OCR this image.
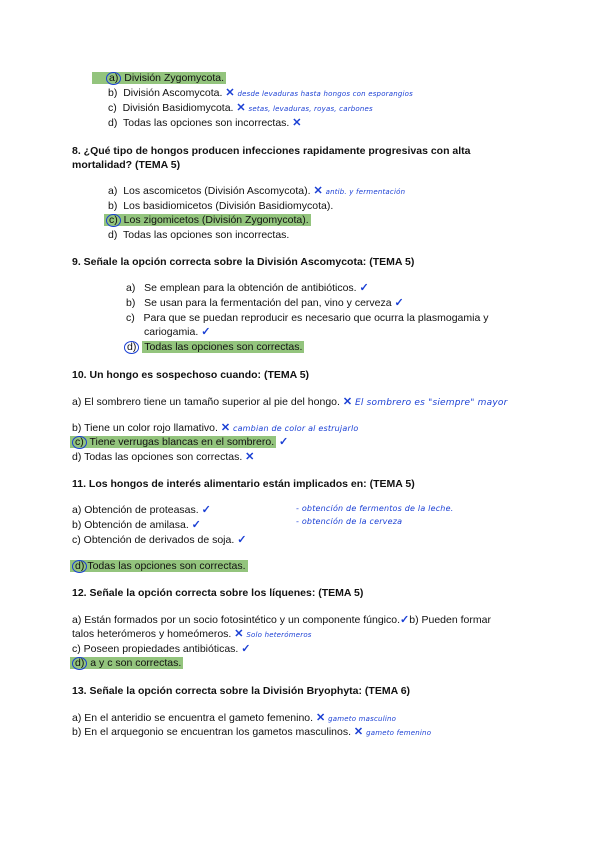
a) División Zygomycota.
b) División Ascomycota. ✕ desde levaduras hasta hongos con esporangios
c) División Basidiomycota. ✕ setas, levaduras, royas, carbones
d) Todas las opciones son incorrectas. ✕
8. ¿Qué tipo de hongos producen infecciones rapidamente progresivas con alta
mortalidad? (TEMA 5)
a) Los ascomicetos (División Ascomycota). ✕ antib. y fermentación
b) Los basidiomicetos (División Basidiomycota).
c) Los zigomicetos (División Zygomycota).
d) Todas las opciones son incorrectas.
9. Señale la opción correcta sobre la División Ascomycota: (TEMA 5)
a) Se emplean para la obtención de antibióticos. ✓
b) Se usan para la fermentación del pan, vino y cerveza ✓
c) Para que se puedan reproducir es necesario que ocurra la plasmogamia y
cariogamia. ✓
d) Todas las opciones son correctas.
10. Un hongo es sospechoso cuando: (TEMA 5)
a) El sombrero tiene un tamaño superior al pie del hongo. ✕ El sombrero es "siempre" mayor
b) Tiene un color rojo llamativo. ✕ cambian de color al estrujarlo
c) Tiene verrugas blancas en el sombrero. ✓
d) Todas las opciones son correctas. ✕
11. Los hongos de interés alimentario están implicados en: (TEMA 5)
- obtención de fermentos de la leche.
- obtención de la cerveza
a) Obtención de proteasas. ✓
b) Obtención de amilasa. ✓
c) Obtención de derivados de soja. ✓
d) Todas las opciones son correctas.
12. Señale la opción correcta sobre los líquenes: (TEMA 5)
a) Están formados por un socio fotosintético y un componente fúngico.✓b) Pueden formar
talos heterómeros y homeómeros. ✕ Solo heterómeros
c) Poseen propiedades antibióticas. ✓
d) a y c son correctas.
13. Señale la opción correcta sobre la División Bryophyta: (TEMA 6)
a) En el anteridio se encuentra el gameto femenino. ✕ gameto masculino
b) En el arquegonio se encuentran los gametos masculinos. ✕ gameto femenino
